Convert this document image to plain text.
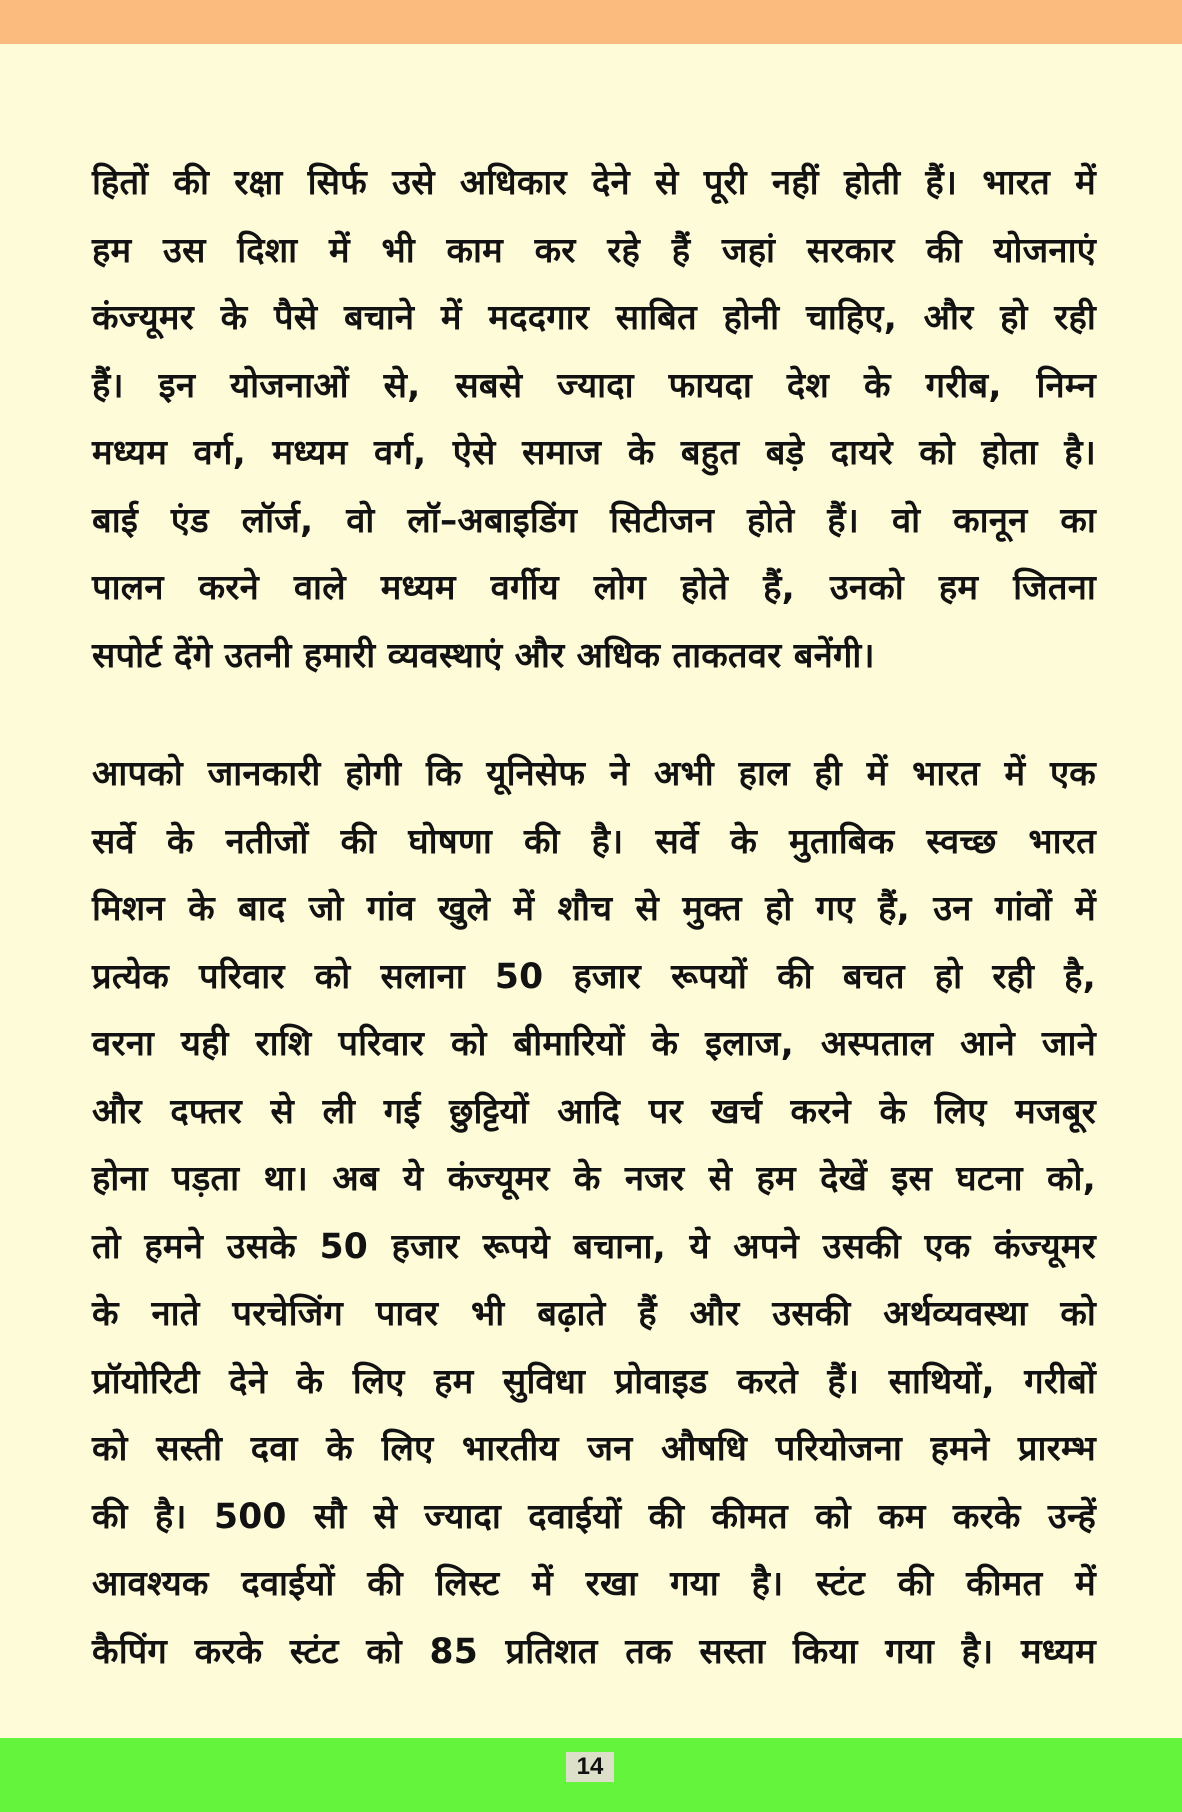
हितों की रक्षा सिर्फ उसे अधिकार देने से पूरी नहीं होती हैं। भारत में
हम उस दिशा में भी काम कर रहे हैं जहां सरकार की योजनाएं
कंज्यूमर के पैसे बचाने में मददगार साबित होनी चाहिए, और हो रही
हैं। इन योजनाओं से, सबसे ज्यादा फायदा देश के गरीब, निम्न
मध्यम वर्ग, मध्यम वर्ग, ऐसे समाज के बहुत बड़े दायरे को होता है।
बाई एंड लॉर्ज, वो लॉ–अबाइडिंग सिटीजन होते हैं। वो कानून का
पालन करने वाले मध्यम वर्गीय लोग होते हैं, उनको हम जितना
सपोर्ट देंगे उतनी हमारी व्यवस्थाएं और अधिक ताकतवर बनेंगी।
आपको जानकारी होगी कि यूनिसेफ ने अभी हाल ही में भारत में एक
सर्वे के नतीजों की घोषणा की है। सर्वे के मुताबिक स्वच्छ भारत
मिशन के बाद जो गांव खुले में शौच से मुक्त हो गए हैं, उन गांवों में
प्रत्येक परिवार को सलाना 50 हजार रूपयों की बचत हो रही है,
वरना यही राशि परिवार को बीमारियों के इलाज, अस्पताल आने जाने
और दफ्तर से ली गई छुट्टियों आदि पर खर्च करने के लिए मजबूर
होना पड़ता था। अब ये कंज्यूमर के नजर से हम देखें इस घटना को,
तो हमने उसके 50 हजार रूपये बचाना, ये अपने उसकी एक कंज्यूमर
के नाते परचेजिंग पावर भी बढ़ाते हैं और उसकी अर्थव्यवस्था को
प्रॉयोरिटी देने के लिए हम सुविधा प्रोवाइड करते हैं। साथियों, गरीबों
को सस्ती दवा के लिए भारतीय जन औषधि परियोजना हमने प्रारम्भ
की है। 500 सौ से ज्यादा दवाईयों की कीमत को कम करके उन्हें
आवश्यक दवाईयों की लिस्ट में रखा गया है। स्टंट की कीमत में
कैपिंग करके स्टंट को 85 प्रतिशत तक सस्ता किया गया है। मध्यम
14
